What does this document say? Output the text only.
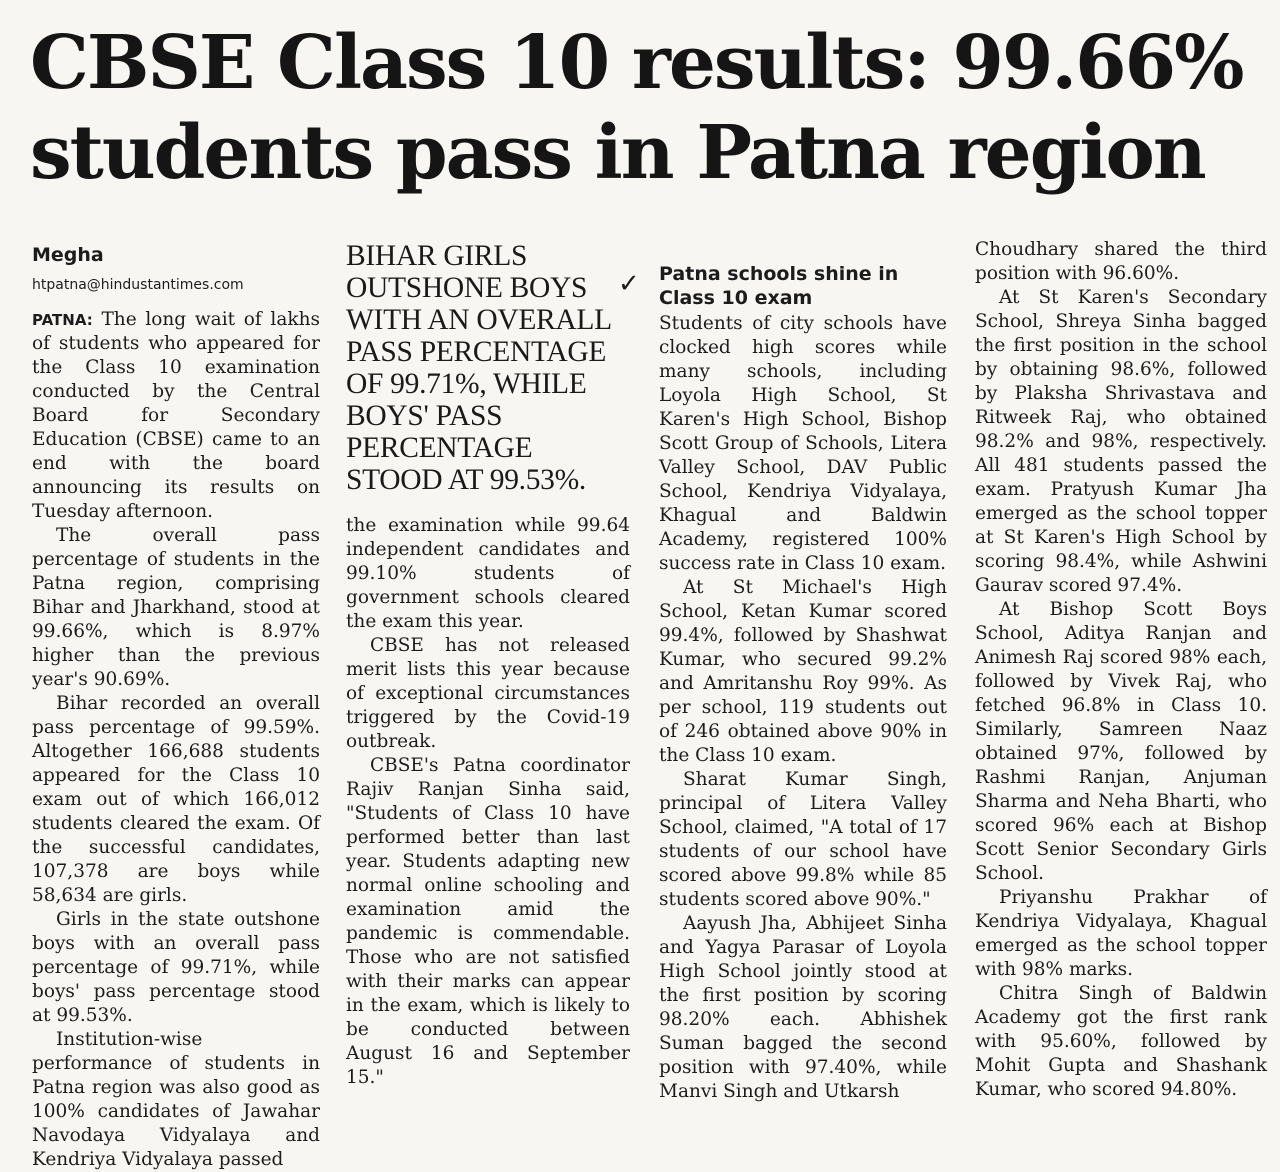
CBSE Class 10 results: 99.66% students pass in Patna region
Megha
htpatna@hindustantimes.com

PATNA: The long wait of lakhs of students who appeared for the Class 10 examination conducted by the Central Board for Secondary Education (CBSE) came to an end with the board announcing its results on Tuesday afternoon.

The overall pass percentage of students in the Patna region, comprising Bihar and Jharkhand, stood at 99.66%, which is 8.97% higher than the previous year's 90.69%.

Bihar recorded an overall pass percentage of 99.59%. Altogether 166,688 students appeared for the Class 10 exam out of which 166,012 students cleared the exam. Of the successful candidates, 107,378 are boys while 58,634 are girls.

Girls in the state outshone boys with an overall pass percentage of 99.71%, while boys' pass percentage stood at 99.53%.

Institution-wise performance of students in Patna region was also good as 100% candidates of Jawahar Navodaya Vidyalaya and Kendriya Vidyalaya passed

BIHAR GIRLS OUTSHONE BOYS WITH AN OVERALL PASS PERCENTAGE OF 99.71%, WHILE BOYS' PASS PERCENTAGE STOOD AT 99.53%.

the examination while 99.64 independent candidates and 99.10% students of government schools cleared the exam this year.

CBSE has not released merit lists this year because of exceptional circumstances triggered by the Covid-19 outbreak.

CBSE's Patna coordinator Rajiv Ranjan Sinha said, "Students of Class 10 have performed better than last year. Students adapting new normal online schooling and examination amid the pandemic is commendable. Those who are not satisfied with their marks can appear in the exam, which is likely to be conducted between August 16 and September 15."

✓ Patna schools shine in Class 10 exam

Students of city schools have clocked high scores while many schools, including Loyola High School, St Karen's High School, Bishop Scott Group of Schools, Litera Valley School, DAV Public School, Kendriya Vidyalaya, Khagual and Baldwin Academy, registered 100% success rate in Class 10 exam.

At St Michael's High School, Ketan Kumar scored 99.4%, followed by Shashwat Kumar, who secured 99.2% and Amritanshu Roy 99%. As per school, 119 students out of 246 obtained above 90% in the Class 10 exam.

Sharat Kumar Singh, principal of Litera Valley School, claimed, "A total of 17 students of our school have scored above 99.8% while 85 students scored above 90%."

Aayush Jha, Abhijeet Sinha and Yagya Parasar of Loyola High School jointly stood at the first position by scoring 98.20% each. Abhishek Suman bagged the second position with 97.40%, while Manvi Singh and Utkarsh

Choudhary shared the third position with 96.60%.

At St Karen's Secondary School, Shreya Sinha bagged the first position in the school by obtaining 98.6%, followed by Plaksha Shrivastava and Ritweek Raj, who obtained 98.2% and 98%, respectively. All 481 students passed the exam. Pratyush Kumar Jha emerged as the school topper at St Karen's High School by scoring 98.4%, while Ashwini Gaurav scored 97.4%.

At Bishop Scott Boys School, Aditya Ranjan and Animesh Raj scored 98% each, followed by Vivek Raj, who fetched 96.8% in Class 10. Similarly, Samreen Naaz obtained 97%, followed by Rashmi Ranjan, Anjuman Sharma and Neha Bharti, who scored 96% each at Bishop Scott Senior Secondary Girls School.

Priyanshu Prakhar of Kendriya Vidyalaya, Khagual emerged as the school topper with 98% marks.

Chitra Singh of Baldwin Academy got the first rank with 95.60%, followed by Mohit Gupta and Shashank Kumar, who scored 94.80%.
